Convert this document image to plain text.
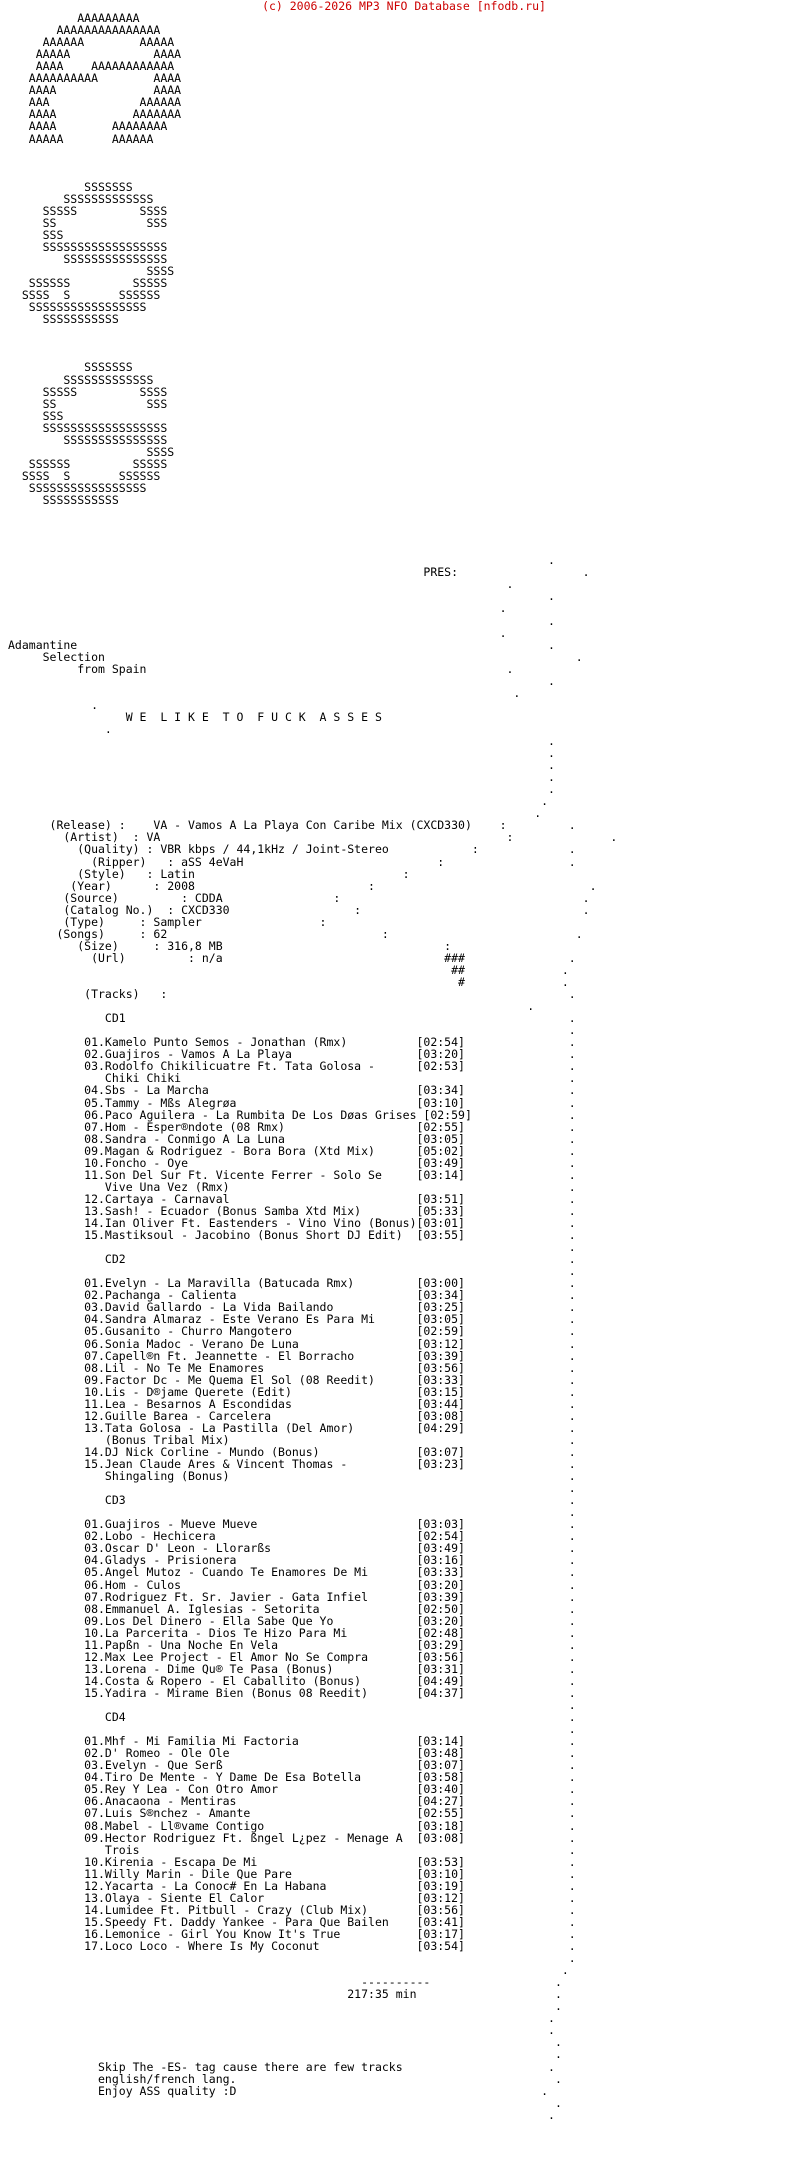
(c) 2006-2026 MP3 NFO Database [nfodb.ru]
AAAAAAAAA
AAAAAAAAAAAAAAA
AAAAAA        AAAAA
AAAAA            AAAA
AAAA    AAAAAAAAAAAA
AAAAAAAAAA        AAAA
AAAA              AAAA
AAA             AAAAAA
AAAA           AAAAAAA
AAAA        AAAAAAAA
AAAAA       AAAAAA
SSSSSSS
SSSSSSSSSSSSS
SSSSS         SSSS
SS             SSS
SSS
SSSSSSSSSSSSSSSSSS
SSSSSSSSSSSSSSS
SSSS
SSSSSS         SSSSS
SSSS  S       SSSSSS
SSSSSSSSSSSSSSSSS
SSSSSSSSSSS
SSSSSSS
SSSSSSSSSSSSS
SSSSS         SSSS
SS             SSS
SSS
SSSSSSSSSSSSSSSSSS
SSSSSSSSSSSSSSS
SSSS
SSSSSS         SSSSS
SSSS  S       SSSSSS
SSSSSSSSSSSSSSSSS
SSSSSSSSSSS
.
PRES:                  .
.
.
.
.
.
Adamantine                                                                    .
Selection                                                                    .
from Spain                                                    .
.
.
.
W E  L I K E  T O  F U C K  A S S E S
.
.
.
.
.
.
.
.
(Release) :    VA - Vamos A La Playa Con Caribe Mix (CXCD330)    :         .
(Artist)  : VA                                                  :              .
(Quality) : VBR kbps / 44,1kHz / Joint-Stereo            :             .
(Ripper)   : aSS 4eVaH                            :                  .
(Style)   : Latin                              :
(Year)      : 2008                         :                               .
(Source)         : CDDA                :                                   .
(Catalog No.)  : CXCD330                  :                                .
(Type)     : Sampler                 :
(Songs)     : 62                               :                           .
(Size)     : 316,8 MB                                :
(Url)         : n/a                                ###               .
##              .
#              .
(Tracks)   :                                                          .
.
CD1                                                                .
.
01.Kamelo Punto Semos - Jonathan (Rmx)          [02:54]               .
02.Guajiros - Vamos A La Playa                  [03:20]               .
03.Rodolfo Chikilicuatre Ft. Tata Golosa -      [02:53]               .
Chiki Chiki                                                        .
04.Sbs - La Marcha                              [03:34]               .
05.Tammy - Mßs Alegrøa                          [03:10]               .
06.Paco Aguilera - La Rumbita De Los Døas Grises [02:59]              .
07.Hom - Esper®ndote (08 Rmx)                   [02:55]               .
08.Sandra - Conmigo A La Luna                   [03:05]               .
09.Magan & Rodriguez - Bora Bora (Xtd Mix)      [05:02]               .
10.Foncho - Oye                                 [03:49]               .
11.Son Del Sur Ft. Vicente Ferrer - Solo Se     [03:14]               .
Vive Una Vez (Rmx)                                                 .
12.Cartaya - Carnaval                           [03:51]               .
13.Sash! - Ecuador (Bonus Samba Xtd Mix)        [05:33]               .
14.Ian Oliver Ft. Eastenders - Vino Vino (Bonus)[03:01]               .
15.Mastiksoul - Jacobino (Bonus Short DJ Edit)  [03:55]               .
.
CD2                                                                .
.
01.Evelyn - La Maravilla (Batucada Rmx)         [03:00]               .
02.Pachanga - Calienta                          [03:34]               .
03.David Gallardo - La Vida Bailando            [03:25]               .
04.Sandra Almaraz - Este Verano Es Para Mi      [03:05]               .
05.Gusanito - Churro Mangotero                  [02:59]               .
06.Sonia Madoc - Verano De Luna                 [03:12]               .
07.Capell®n Ft. Jeannette - El Borracho         [03:39]               .
08.Lil - No Te Me Enamores                      [03:56]               .
09.Factor Dc - Me Quema El Sol (08 Reedit)      [03:33]               .
10.Lis - D®jame Querete (Edit)                  [03:15]               .
11.Lea - Besarnos A Escondidas                  [03:44]               .
12.Guille Barea - Carcelera                     [03:08]               .
13.Tata Golosa - La Pastilla (Del Amor)         [04:29]               .
(Bonus Tribal Mix)                                                 .
14.DJ Nick Corline - Mundo (Bonus)              [03:07]               .
15.Jean Claude Ares & Vincent Thomas -          [03:23]               .
Shingaling (Bonus)                                                 .
.
CD3                                                                .
.
01.Guajiros - Mueve Mueve                       [03:03]               .
02.Lobo - Hechicera                             [02:54]               .
03.Oscar D' Leon - Llorarßs                     [03:49]               .
04.Gladys - Prisionera                          [03:16]               .
05.Angel Mutoz - Cuando Te Enamores De Mi       [03:33]               .
06.Hom - Culos                                  [03:20]               .
07.Rodriguez Ft. Sr. Javier - Gata Infiel       [03:39]               .
08.Emmanuel A. Iglesias - Setorita              [02:50]               .
09.Los Del Dinero - Ella Sabe Que Yo            [03:20]               .
10.La Parcerita - Dios Te Hizo Para Mi          [02:48]               .
11.Papßn - Una Noche En Vela                    [03:29]               .
12.Max Lee Project - El Amor No Se Compra       [03:56]               .
13.Lorena - Dime Qu® Te Pasa (Bonus)            [03:31]               .
14.Costa & Ropero - El Caballito (Bonus)        [04:49]               .
15.Yadira - Mirame Bien (Bonus 08 Reedit)       [04:37]               .
.
CD4                                                                .
.
01.Mhf - Mi Familia Mi Factoria                 [03:14]               .
02.D' Romeo - Ole Ole                           [03:48]               .
03.Evelyn - Que Serß                            [03:07]               .
04.Tiro De Mente - Y Dame De Esa Botella        [03:58]               .
05.Rey Y Lea - Con Otro Amor                    [03:40]               .
06.Anacaona - Mentiras                          [04:27]               .
07.Luis S®nchez - Amante                        [02:55]               .
08.Mabel - Ll®vame Contigo                      [03:18]               .
09.Hector Rodriguez Ft. ßngel L¿pez - Menage A  [03:08]               .
Trois                                                              .
10.Kirenia - Escapa De Mi                       [03:53]               .
11.Willy Marin - Dile Que Pare                  [03:10]               .
12.Yacarta - La Conoc# En La Habana             [03:19]               .
13.Olaya - Siente El Calor                      [03:12]               .
14.Lumidee Ft. Pitbull - Crazy (Club Mix)       [03:56]               .
15.Speedy Ft. Daddy Yankee - Para Que Bailen    [03:41]               .
16.Lemonice - Girl You Know It's True           [03:17]               .
17.Loco Loco - Where Is My Coconut              [03:54]               .
.
.
----------                  .
217:35 min                    .
.
.
.
.
.
Skip The -ES- tag cause there are few tracks                     .
english/french lang.                                              .
Enjoy ASS quality :D                                            .
.
.
